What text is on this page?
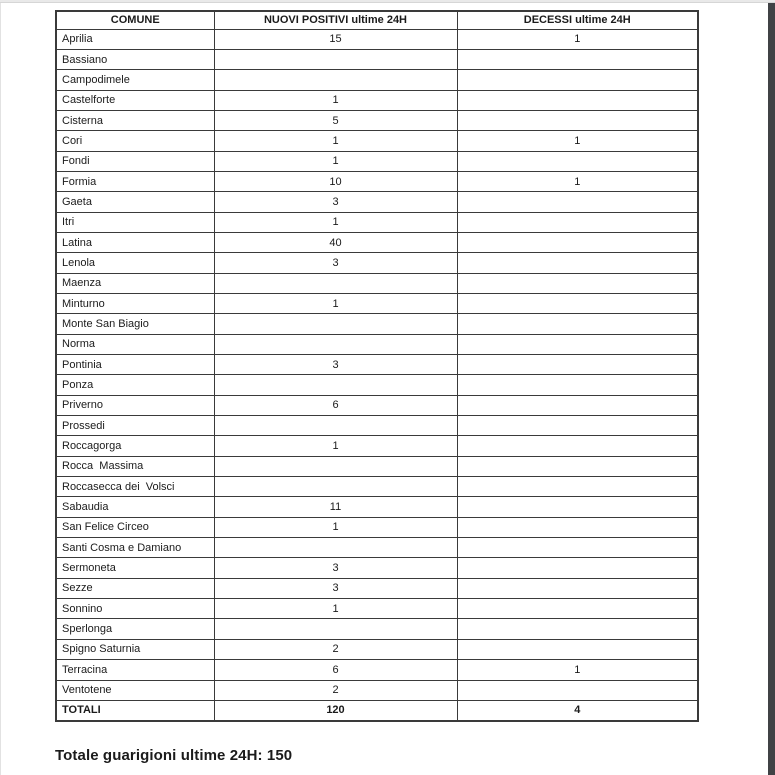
COMUNE	NUOVI POSITIVI ultime 24H	DECESSI ultime 24H
Aprilia	15	1
Bassiano		
Campodimele		
Castelforte	1	
Cisterna	5	
Cori	1	1
Fondi	1	
Formia	10	1
Gaeta	3	
Itri	1	
Latina	40	
Lenola	3	
Maenza		
Minturno	1	
Monte San Biagio		
Norma		
Pontinia	3	
Ponza		
Priverno	6	
Prossedi		
Roccagorga	1	
Rocca  Massima		
Roccasecca dei  Volsci		
Sabaudia	11	
San Felice Circeo	1	
Santi Cosma e Damiano		
Sermoneta	3	
Sezze	3	
Sonnino	1	
Sperlonga		
Spigno Saturnia	2	
Terracina	6	1
Ventotene	2	
TOTALI	120	4
Totale guarigioni ultime 24H: 150
